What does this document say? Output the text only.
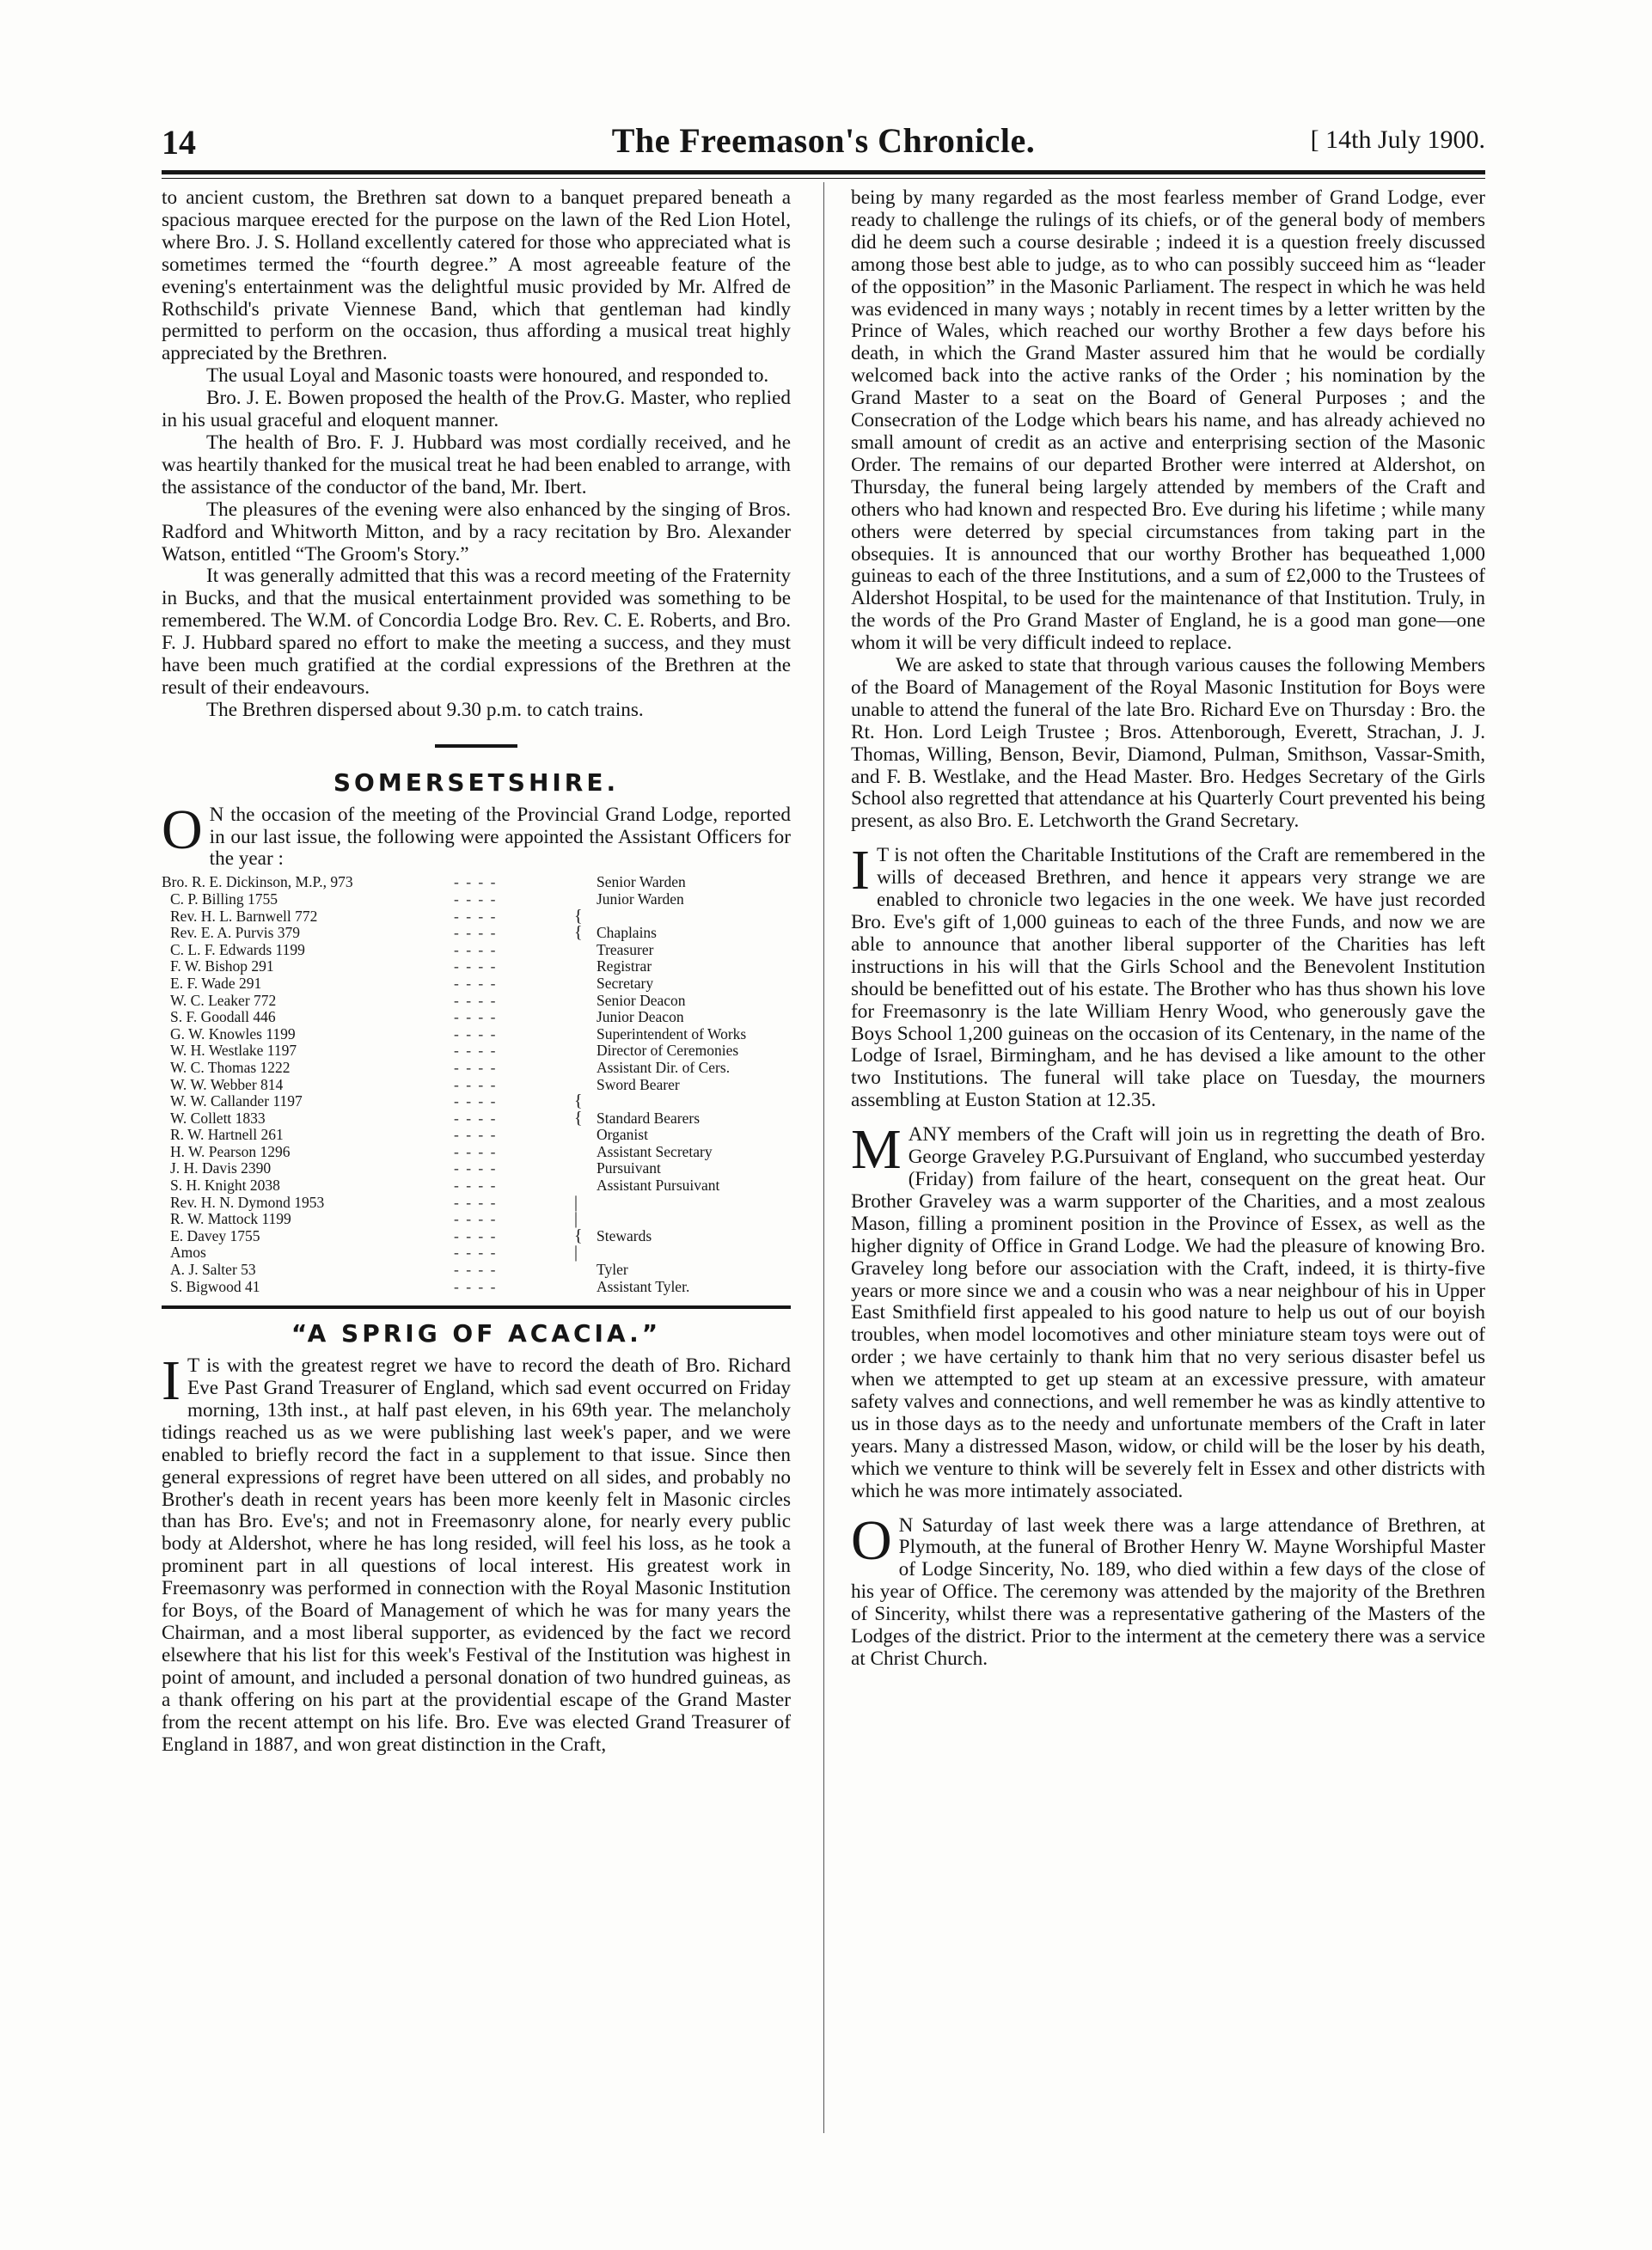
14	The Freemason's Chronicle.	[ 14th July 1900.

to ancient custom, the Brethren sat down to a banquet prepared beneath a spacious marquee erected for the purpose on the lawn of the Red Lion Hotel, where Bro. J. S. Holland excellently catered for those who appreciated what is sometimes termed the “fourth degree.” A most agreeable feature of the evening's entertainment was the delightful music provided by Mr. Alfred de Rothschild's private Viennese Band, which that gentleman had kindly permitted to perform on the occasion, thus affording a musical treat highly appreciated by the Brethren.

The usual Loyal and Masonic toasts were honoured, and responded to.

Bro. J. E. Bowen proposed the health of the Prov.G. Master, who replied in his usual graceful and eloquent manner.

The health of Bro. F. J. Hubbard was most cordially received, and he was heartily thanked for the musical treat he had been enabled to arrange, with the assistance of the conductor of the band, Mr. Ibert.

The pleasures of the evening were also enhanced by the singing of Bros. Radford and Whitworth Mitton, and by a racy recitation by Bro. Alexander Watson, entitled “The Groom's Story.”

It was generally admitted that this was a record meeting of the Fraternity in Bucks, and that the musical entertainment provided was something to be remembered. The W.M. of Concordia Lodge Bro. Rev. C. E. Roberts, and Bro. F. J. Hubbard spared no effort to make the meeting a success, and they must have been much gratified at the cordial expressions of the Brethren at the result of their endeavours.

The Brethren dispersed about 9.30 p.m. to catch trains.

SOMERSETSHIRE.

O N the occasion of the meeting of the Provincial Grand Lodge, reported in our last issue, the following were appointed the Assistant Officers for the year :

Bro. R. E. Dickinson, M.P., 973	- - - -		Senior Warden
C. P. Billing 1755	- - - -		Junior Warden
Rev. H. L. Barnwell 772	- - - -	{	
Rev. E. A. Purvis 379	- - - -	{	Chaplains
C. L. F. Edwards 1199	- - - -		Treasurer
F. W. Bishop 291	- - - -		Registrar
E. F. Wade 291	- - - -		Secretary
W. C. Leaker 772	- - - -		Senior Deacon
S. F. Goodall 446	- - - -		Junior Deacon
G. W. Knowles 1199	- - - -		Superintendent of Works
W. H. Westlake 1197	- - - -		Director of Ceremonies
W. C. Thomas 1222	- - - -		Assistant Dir. of Cers.
W. W. Webber 814	- - - -		Sword Bearer
W. W. Callander 1197	- - - -	{	
W. Collett 1833	- - - -	{	Standard Bearers
R. W. Hartnell 261	- - - -		Organist
H. W. Pearson 1296	- - - -		Assistant Secretary
J. H. Davis 2390	- - - -		Pursuivant
S. H. Knight 2038	- - - -		Assistant Pursuivant
Rev. H. N. Dymond 1953	- - - -	|	
R. W. Mattock 1199	- - - -	|	
E. Davey 1755	- - - -	{	Stewards
Amos	- - - -	|	
A. J. Salter 53	- - - -		Tyler
S. Bigwood 41	- - - -		Assistant Tyler.
“A SPRIG OF ACACIA.”

I T is with the greatest regret we have to record the death of Bro. Richard Eve Past Grand Treasurer of England, which sad event occurred on Friday morning, 13th inst., at half past eleven, in his 69th year. The melancholy tidings reached us as we were publishing last week's paper, and we were enabled to briefly record the fact in a supplement to that issue. Since then general expressions of regret have been uttered on all sides, and probably no Brother's death in recent years has been more keenly felt in Masonic circles than has Bro. Eve's; and not in Freemasonry alone, for nearly every public body at Aldershot, where he has long resided, will feel his loss, as he took a prominent part in all questions of local interest. His greatest work in Freemasonry was performed in connection with the Royal Masonic Institution for Boys, of the Board of Management of which he was for many years the Chairman, and a most liberal supporter, as evidenced by the fact we record elsewhere that his list for this week's Festival of the Institution was highest in point of amount, and included a personal donation of two hundred guineas, as a thank offering on his part at the providential escape of the Grand Master from the recent attempt on his life. Bro. Eve was elected Grand Treasurer of England in 1887, and won great distinction in the Craft,

being by many regarded as the most fearless member of Grand Lodge, ever ready to challenge the rulings of its chiefs, or of the general body of members did he deem such a course desirable ; indeed it is a question freely discussed among those best able to judge, as to who can possibly succeed him as “leader of the opposition” in the Masonic Parliament. The respect in which he was held was evidenced in many ways ; notably in recent times by a letter written by the Prince of Wales, which reached our worthy Brother a few days before his death, in which the Grand Master assured him that he would be cordially welcomed back into the active ranks of the Order ; his nomination by the Grand Master to a seat on the Board of General Purposes ; and the Consecration of the Lodge which bears his name, and has already achieved no small amount of credit as an active and enterprising section of the Masonic Order. The remains of our departed Brother were interred at Aldershot, on Thursday, the funeral being largely attended by members of the Craft and others who had known and respected Bro. Eve during his lifetime ; while many others were deterred by special circumstances from taking part in the obsequies. It is announced that our worthy Brother has bequeathed 1,000 guineas to each of the three Institutions, and a sum of £2,000 to the Trustees of Aldershot Hospital, to be used for the maintenance of that Institution. Truly, in the words of the Pro Grand Master of England, he is a good man gone—one whom it will be very difficult indeed to replace.

We are asked to state that through various causes the following Members of the Board of Management of the Royal Masonic Institution for Boys were unable to attend the funeral of the late Bro. Richard Eve on Thursday : Bro. the Rt. Hon. Lord Leigh Trustee ; Bros. Attenborough, Everett, Strachan, J. J. Thomas, Willing, Benson, Bevir, Diamond, Pulman, Smithson, Vassar-Smith, and F. B. Westlake, and the Head Master. Bro. Hedges Secretary of the Girls School also regretted that attendance at his Quarterly Court prevented his being present, as also Bro. E. Letchworth the Grand Secretary.

I T is not often the Charitable Institutions of the Craft are remembered in the wills of deceased Brethren, and hence it appears very strange we are enabled to chronicle two legacies in the one week. We have just recorded Bro. Eve's gift of 1,000 guineas to each of the three Funds, and now we are able to announce that another liberal supporter of the Charities has left instructions in his will that the Girls School and the Benevolent Institution should be benefitted out of his estate. The Brother who has thus shown his love for Freemasonry is the late William Henry Wood, who generously gave the Boys School 1,200 guineas on the occasion of its Centenary, in the name of the Lodge of Israel, Birmingham, and he has devised a like amount to the other two Institutions. The funeral will take place on Tuesday, the mourners assembling at Euston Station at 12.35.

MANY members of the Craft will join us in regretting the death of Bro. George Graveley P.G.Pursuivant of England, who succumbed yesterday (Friday) from failure of the heart, consequent on the great heat. Our Brother Graveley was a warm supporter of the Charities, and a most zealous Mason, filling a prominent position in the Province of Essex, as well as the higher dignity of Office in Grand Lodge. We had the pleasure of knowing Bro. Graveley long before our association with the Craft, indeed, it is thirty-five years or more since we and a cousin who was a near neighbour of his in Upper East Smithfield first appealed to his good nature to help us out of our boyish troubles, when model locomotives and other miniature steam toys were out of order ; we have certainly to thank him that no very serious disaster befel us when we attempted to get up steam at an excessive pressure, with amateur safety valves and connections, and well remember he was as kindly attentive to us in those days as to the needy and unfortunate members of the Craft in later years. Many a distressed Mason, widow, or child will be the loser by his death, which we venture to think will be severely felt in Essex and other districts with which he was more intimately associated.

O N Saturday of last week there was a large attendance of Brethren, at Plymouth, at the funeral of Brother Henry W. Mayne Worshipful Master of Lodge Sincerity, No. 189, who died within a few days of the close of his year of Office. The ceremony was attended by the majority of the Brethren of Sincerity, whilst there was a representative gathering of the Masters of the Lodges of the district. Prior to the interment at the cemetery there was a service at Christ Church.
